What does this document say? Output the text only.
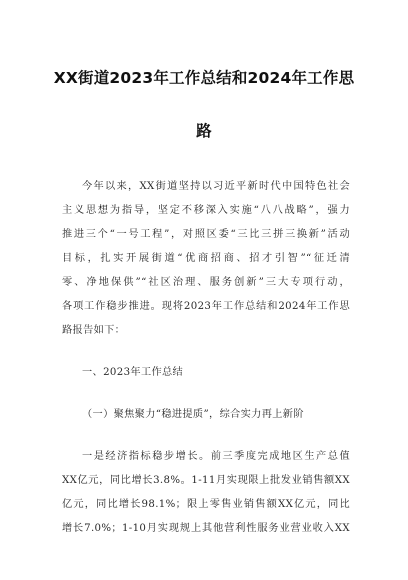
XX街道2023年工作总结和2024年工作思
路
今年以来，XX街道坚持以习近平新时代中国特色社会
主义思想为指导，坚定不移深入实施“八八战略”，强力
推进三个“一号工程”，对照区委“三比三拼三换新”活动
目标，扎实开展街道“优商招商、招才引智”“征迁清
零、净地保供”“社区治理、服务创新”三大专项行动，
各项工作稳步推进。现将2023年工作总结和2024年工作思
路报告如下：
一、2023年工作总结
（一）聚焦聚力“稳进提质”，综合实力再上新阶
一是经济指标稳步增长。前三季度完成地区生产总值
XX亿元，同比增长3.8%。1-11月实现限上批发业销售额XX
亿元，同比增长98.1%；限上零售业销售额XX亿元，同比
增长7.0%；1-10月实现规上其他营利性服务业营业收入XX
